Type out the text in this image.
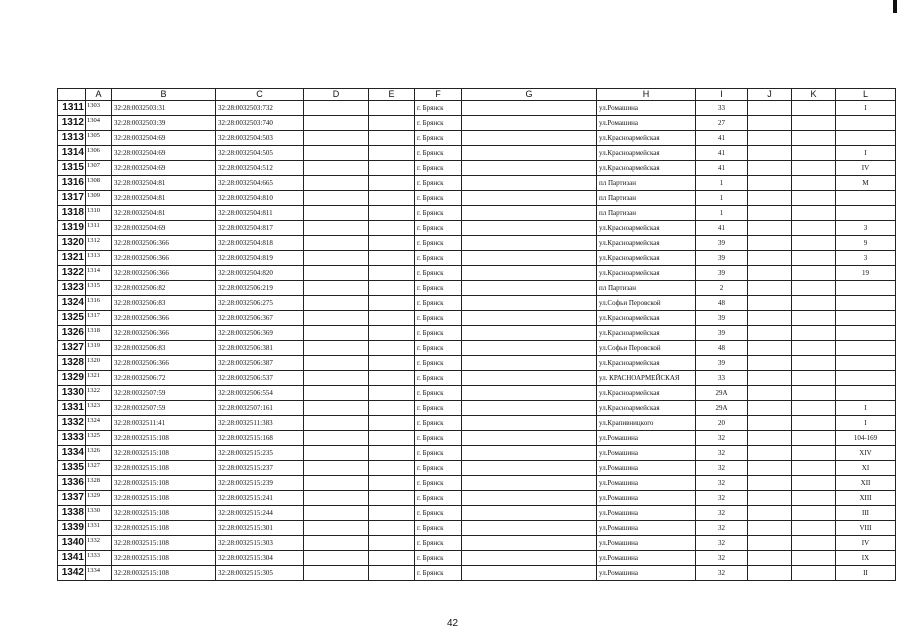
	A	B	C	D	E	F	G	H	I	J	K	L
1311	1303	32:28:0032503:31	32:28:0032503:732			г. Брянск		ул.Ромашина	33			I
1312	1304	32:28:0032503:39	32:28:0032503:740			г. Брянск		ул.Ромашина	27			
1313	1305	32:28:0032504:69	32:28:0032504:503			г. Брянск		ул.Красноармейская	41			
1314	1306	32:28:0032504:69	32:28:0032504:505			г. Брянск		ул.Красноармейская	41			I
1315	1307	32:28:0032504:69	32:28:0032504:512			г. Брянск		ул.Красноармейская	41			IV
1316	1308	32:28:0032504:81	32:28:0032504:665			г. Брянск		пл Партизан	1			М
1317	1309	32:28:0032504:81	32:28:0032504:810			г. Брянск		пл Партизан	1			
1318	1310	32:28:0032504:81	32:28:0032504:811			г. Брянск		пл Партизан	1			
1319	1311	32:28:0032504:69	32:28:0032504:817			г. Брянск		ул.Красноармейская	41			3
1320	1312	32:28:0032506:366	32:28:0032504:818			г. Брянск		ул.Красноармейская	39			9
1321	1313	32:28:0032506:366	32:28:0032504:819			г. Брянск		ул.Красноармейская	39			3
1322	1314	32:28:0032506:366	32:28:0032504:820			г. Брянск		ул.Красноармейская	39			19
1323	1315	32:28:0032506:82	32:28:0032506:219			г. Брянск		пл Партизан	2			
1324	1316	32:28:0032506:83	32:28:0032506:275			г. Брянск		ул.Софьи Перовской	48			
1325	1317	32:28:0032506:366	32:28:0032506:367			г. Брянск		ул.Красноармейская	39			
1326	1318	32:28:0032506:366	32:28:0032506:369			г. Брянск		ул.Красноармейская	39			
1327	1319	32:28:0032506:83	32:28:0032506:381			г. Брянск		ул.Софьи Перовской	48			
1328	1320	32:28:0032506:366	32:28:0032506:387			г. Брянск		ул.Красноармейская	39			
1329	1321	32:28:0032506:72	32:28:0032506:537			г. Брянск		ул. КРАСНОАРМЕЙСКАЯ	33			
1330	1322	32:28:0032507:59	32:28:0032506:554			г. Брянск		ул.Красноармейская	29А			
1331	1323	32:28:0032507:59	32:28:0032507:161			г. Брянск		ул.Красноармейская	29А			I
1332	1324	32:28:0032511:41	32:28:0032511:383			г. Брянск		ул.Крапивницкого	20			I
1333	1325	32:28:0032515:108	32:28:0032515:168			г. Брянск		ул.Ромашина	32			104-169
1334	1326	32:28:0032515:108	32:28:0032515:235			г. Брянск		ул.Ромашина	32			XIV
1335	1327	32:28:0032515:108	32:28:0032515:237			г. Брянск		ул.Ромашина	32			XI
1336	1328	32:28:0032515:108	32:28:0032515:239			г. Брянск		ул.Ромашина	32			XII
1337	1329	32:28:0032515:108	32:28:0032515:241			г. Брянск		ул.Ромашина	32			XIII
1338	1330	32:28:0032515:108	32:28:0032515:244			г. Брянск		ул.Ромашина	32			III
1339	1331	32:28:0032515:108	32:28:0032515:301			г. Брянск		ул.Ромашина	32			VIII
1340	1332	32:28:0032515:108	32:28:0032515:303			г. Брянск		ул.Ромашина	32			IV
1341	1333	32:28:0032515:108	32:28:0032515:304			г. Брянск		ул.Ромашина	32			IX
1342	1334	32:28:0032515:108	32:28:0032515:305			г. Брянск		ул.Ромашина	32			II
42
